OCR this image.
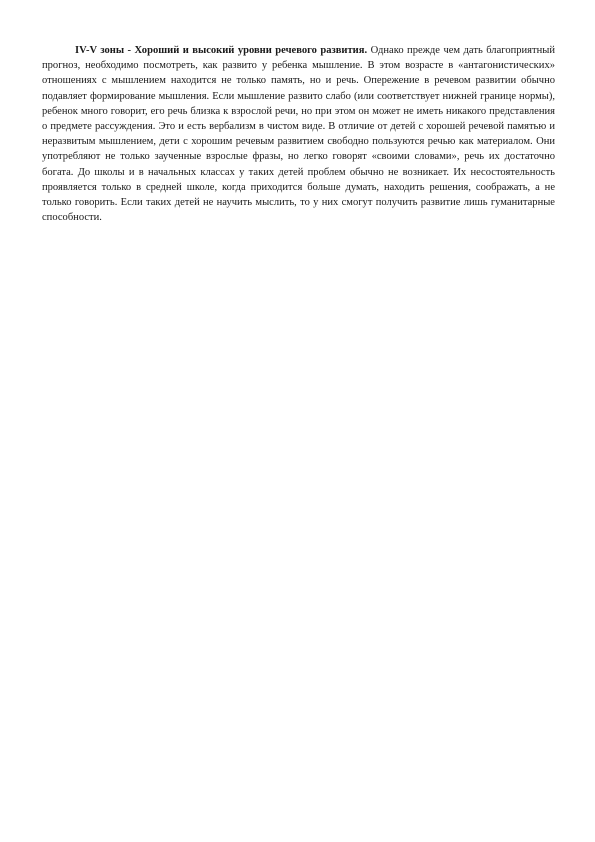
IV-V зоны - Хороший и высокий уровни речевого развития. Однако прежде чем дать благоприятный прогноз, необходимо посмотреть, как развито у ребенка мышление. В этом возрасте в «антагонистических» отношениях с мышлением находится не только память, но и речь. Опережение в речевом развитии обычно подавляет формирование мышления. Если мышление развито слабо (или соответствует нижней границе нормы), ребенок много говорит, его речь близка к взрослой речи, но при этом он может не иметь никакого представления о предмете рассуждения. Это и есть вербализм в чистом виде. В отличие от детей с хорошей речевой памятью и неразвитым мышлением, дети с хорошим речевым развитием свободно пользуются речью как материалом. Они употребляют не только заученные взрослые фразы, но легко говорят «своими словами», речь их достаточно богата. До школы и в начальных классах у таких детей проблем обычно не возникает. Их несостоятельность проявляется только в средней школе, когда приходится больше думать, находить решения, соображать, а не только говорить. Если таких детей не научить мыслить, то у них смогут получить развитие лишь гуманитарные способности.
